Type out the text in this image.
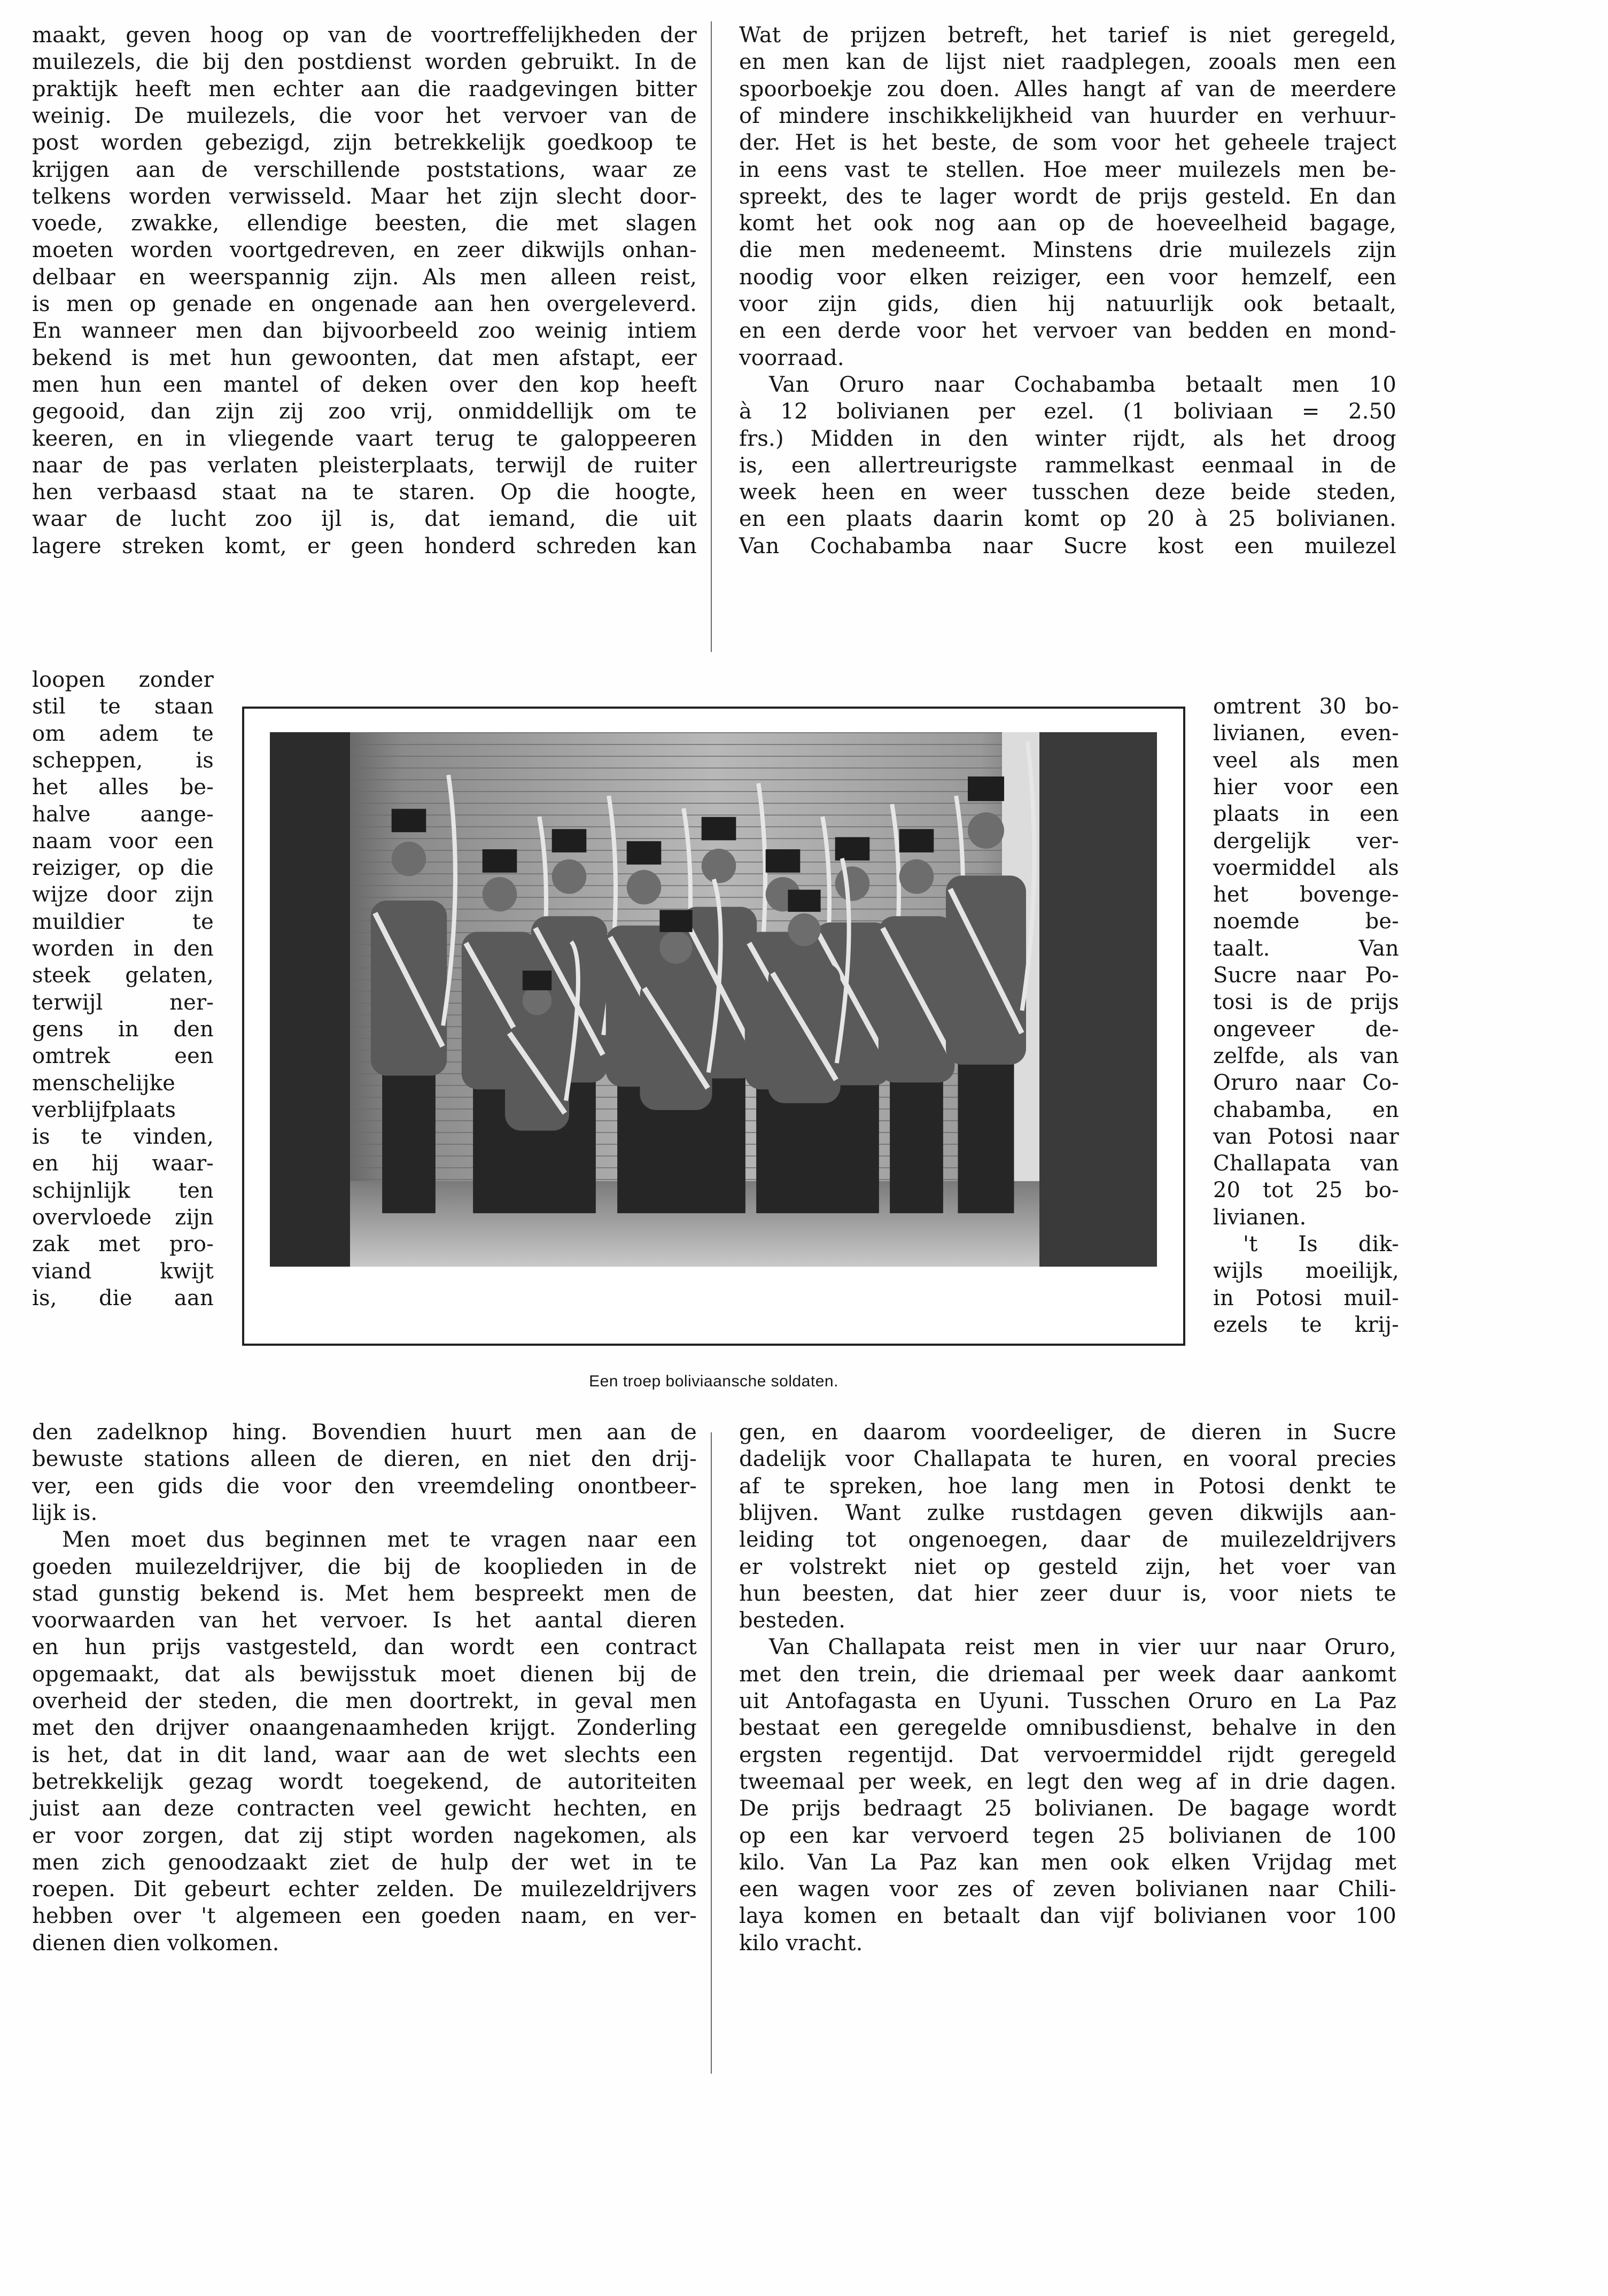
maakt, geven hoog op van de voortreffelijkheden der
muilezels, die bij den postdienst worden gebruikt. In de
praktijk heeft men echter aan die raadgevingen bitter
weinig. De muilezels, die voor het vervoer van de
post worden gebezigd, zijn betrekkelijk goedkoop te
krijgen aan de verschillende poststations, waar ze
telkens worden verwisseld. Maar het zijn slecht door-
voede, zwakke, ellendige beesten, die met slagen
moeten worden voortgedreven, en zeer dikwijls onhan-
delbaar en weerspannig zijn. Als men alleen reist,
is men op genade en ongenade aan hen overgeleverd.
En wanneer men dan bijvoorbeeld zoo weinig intiem
bekend is met hun gewoonten, dat men afstapt, eer
men hun een mantel of deken over den kop heeft
gegooid, dan zijn zij zoo vrij, onmiddellijk om te
keeren, en in vliegende vaart terug te galoppeeren
naar de pas verlaten pleisterplaats, terwijl de ruiter
hen verbaasd staat na te staren. Op die hoogte,
waar de lucht zoo ijl is, dat iemand, die uit
lagere streken komt, er geen honderd schreden kan
loopen zonder
stil te staan
om adem te
scheppen, is
het alles be-
halve aange-
naam voor een
reiziger, op die
wijze door zijn
muildier te
worden in den
steek gelaten,
terwijl ner-
gens in den
omtrek een
menschelijke
verblijfplaats
is te vinden,
en hij waar-
schijnlijk ten
overvloede zijn
zak met pro-
viand kwijt
is, die aan
den zadelknop hing. Bovendien huurt men aan de
bewuste stations alleen de dieren, en niet den drij-
ver, een gids die voor den vreemdeling onontbeer-
lijk is.
Men moet dus beginnen met te vragen naar een
goeden muilezeldrijver, die bij de kooplieden in de
stad gunstig bekend is. Met hem bespreekt men de
voorwaarden van het vervoer. Is het aantal dieren
en hun prijs vastgesteld, dan wordt een contract
opgemaakt, dat als bewijsstuk moet dienen bij de
overheid der steden, die men doortrekt, in geval men
met den drijver onaangenaamheden krijgt. Zonderling
is het, dat in dit land, waar aan de wet slechts een
betrekkelijk gezag wordt toegekend, de autoriteiten
juist aan deze contracten veel gewicht hechten, en
er voor zorgen, dat zij stipt worden nagekomen, als
men zich genoodzaakt ziet de hulp der wet in te
roepen. Dit gebeurt echter zelden. De muilezeldrijvers
hebben over 't algemeen een goeden naam, en ver-
dienen dien volkomen.
Wat de prijzen betreft, het tarief is niet geregeld,
en men kan de lijst niet raadplegen, zooals men een
spoorboekje zou doen. Alles hangt af van de meerdere
of mindere inschikkelijkheid van huurder en verhuur-
der. Het is het beste, de som voor het geheele traject
in eens vast te stellen. Hoe meer muilezels men be-
spreekt, des te lager wordt de prijs gesteld. En dan
komt het ook nog aan op de hoeveelheid bagage,
die men medeneemt. Minstens drie muilezels zijn
noodig voor elken reiziger, een voor hemzelf, een
voor zijn gids, dien hij natuurlijk ook betaalt,
en een derde voor het vervoer van bedden en mond-
voorraad.
Van Oruro naar Cochabamba betaalt men 10
à 12 bolivianen per ezel. (1 boliviaan = 2.50
frs.) Midden in den winter rijdt, als het droog
is, een allertreurigste rammelkast eenmaal in de
week heen en weer tusschen deze beide steden,
en een plaats daarin komt op 20 à 25 bolivianen.
Van Cochabamba naar Sucre kost een muilezel
omtrent 30 bo-
livianen, even-
veel als men
hier voor een
plaats in een
dergelijk ver-
voermiddel als
het bovenge-
noemde be-
taalt. Van
Sucre naar Po-
tosi is de prijs
ongeveer de-
zelfde, als van
Oruro naar Co-
chabamba, en
van Potosi naar
Challapata van
20 tot 25 bo-
livianen.
't Is dik-
wijls moeilijk,
in Potosi muil-
ezels te krij-
gen, en daarom voordeeliger, de dieren in Sucre
dadelijk voor Challapata te huren, en vooral precies
af te spreken, hoe lang men in Potosi denkt te
blijven. Want zulke rustdagen geven dikwijls aan-
leiding tot ongenoegen, daar de muilezeldrijvers
er volstrekt niet op gesteld zijn, het voer van
hun beesten, dat hier zeer duur is, voor niets te
besteden.
Van Challapata reist men in vier uur naar Oruro,
met den trein, die driemaal per week daar aankomt
uit Antofagasta en Uyuni. Tusschen Oruro en La Paz
bestaat een geregelde omnibusdienst, behalve in den
ergsten regentijd. Dat vervoermiddel rijdt geregeld
tweemaal per week, en legt den weg af in drie dagen.
De prijs bedraagt 25 bolivianen. De bagage wordt
op een kar vervoerd tegen 25 bolivianen de 100
kilo. Van La Paz kan men ook elken Vrijdag met
een wagen voor zes of zeven bolivianen naar Chili-
laya komen en betaalt dan vijf bolivianen voor 100
kilo vracht.
Een troep boliviaansche soldaten.
